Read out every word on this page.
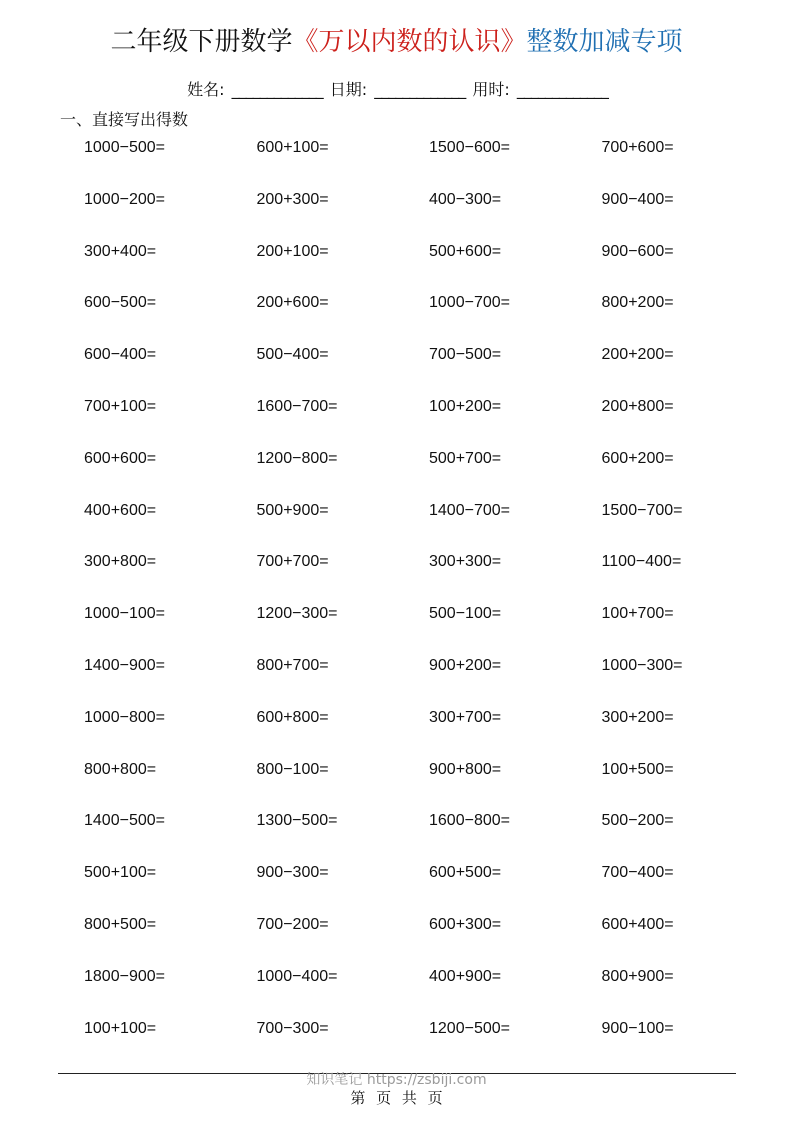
二年级下册数学《万以内数的认识》整数加减专项
姓名: _____________ 日期: _____________ 用时: _____________
一、直接写出得数
1000−500=	600+100=	1500−600=	700+600=
1000−200=	200+300=	400−300=	900−400=
300+400=	200+100=	500+600=	900−600=
600−500=	200+600=	1000−700=	800+200=
600−400=	500−400=	700−500=	200+200=
700+100=	1600−700=	100+200=	200+800=
600+600=	1200−800=	500+700=	600+200=
400+600=	500+900=	1400−700=	1500−700=
300+800=	700+700=	300+300=	1100−400=
1000−100=	1200−300=	500−100=	100+700=
1400−900=	800+700=	900+200=	1000−300=
1000−800=	600+800=	300+700=	300+200=
800+800=	800−100=	900+800=	100+500=
1400−500=	1300−500=	1600−800=	500−200=
500+100=	900−300=	600+500=	700−400=
800+500=	700−200=	600+300=	600+400=
1800−900=	1000−400=	400+900=	800+900=
100+100=	700−300=	1200−500=	900−100=
知识笔记 https://zsbiji.com
第 页 共 页
